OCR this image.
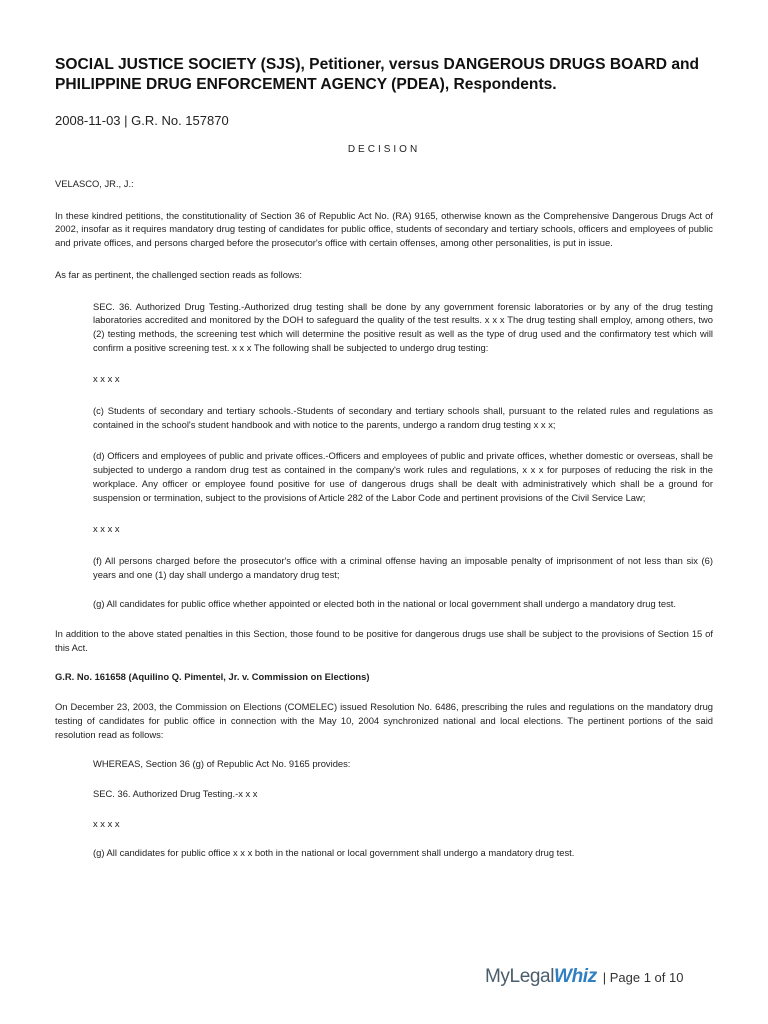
SOCIAL JUSTICE SOCIETY (SJS), Petitioner, versus DANGEROUS DRUGS BOARD and PHILIPPINE DRUG ENFORCEMENT AGENCY (PDEA), Respondents.
2008-11-03 | G.R. No. 157870
DECISION

VELASCO, JR., J.:

In these kindred petitions, the constitutionality of Section 36 of Republic Act No. (RA) 9165, otherwise known as the Comprehensive Dangerous Drugs Act of 2002, insofar as it requires mandatory drug testing of candidates for public office, students of secondary and tertiary schools, officers and employees of public and private offices, and persons charged before the prosecutor's office with certain offenses, among other personalities, is put in issue.

As far as pertinent, the challenged section reads as follows:

SEC. 36. Authorized Drug Testing.-Authorized drug testing shall be done by any government forensic laboratories or by any of the drug testing laboratories accredited and monitored by the DOH to safeguard the quality of the test results. x x x The drug testing shall employ, among others, two (2) testing methods, the screening test which will determine the positive result as well as the type of drug used and the confirmatory test which will confirm a positive screening test. x x x The following shall be subjected to undergo drug testing:

x x x x

(c) Students of secondary and tertiary schools.-Students of secondary and tertiary schools shall, pursuant to the related rules and regulations as contained in the school's student handbook and with notice to the parents, undergo a random drug testing x x x;

(d) Officers and employees of public and private offices.-Officers and employees of public and private offices, whether domestic or overseas, shall be subjected to undergo a random drug test as contained in the company's work rules and regulations, x x x for purposes of reducing the risk in the workplace. Any officer or employee found positive for use of dangerous drugs shall be dealt with administratively which shall be a ground for suspension or termination, subject to the provisions of Article 282 of the Labor Code and pertinent provisions of the Civil Service Law;

x x x x

(f) All persons charged before the prosecutor's office with a criminal offense having an imposable penalty of imprisonment of not less than six (6) years and one (1) day shall undergo a mandatory drug test;

(g) All candidates for public office whether appointed or elected both in the national or local government shall undergo a mandatory drug test.

In addition to the above stated penalties in this Section, those found to be positive for dangerous drugs use shall be subject to the provisions of Section 15 of this Act.

G.R. No. 161658 (Aquilino Q. Pimentel, Jr. v. Commission on Elections)

On December 23, 2003, the Commission on Elections (COMELEC) issued Resolution No. 6486, prescribing the rules and regulations on the mandatory drug testing of candidates for public office in connection with the May 10, 2004 synchronized national and local elections. The pertinent portions of the said resolution read as follows:

WHEREAS, Section 36 (g) of Republic Act No. 9165 provides:

SEC. 36. Authorized Drug Testing.-x x x

x x x x

(g) All candidates for public office x x x both in the national or local government shall undergo a mandatory drug test.

MyLegalWhiz | Page 1 of 10
